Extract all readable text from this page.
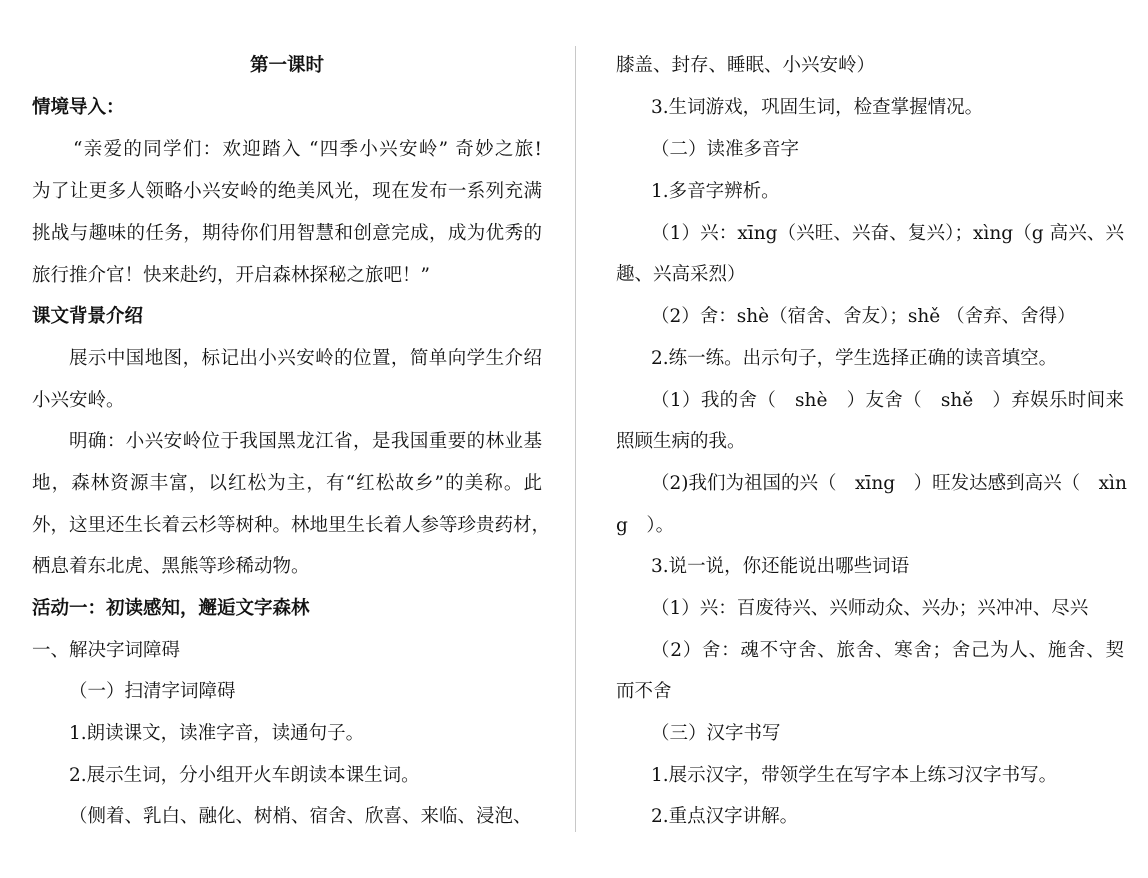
第一课时
情境导入：
“亲爱的同学们：欢迎踏入 “四季小兴安岭” 奇妙之旅!
为了让更多人领略小兴安岭的绝美风光，现在发布一系列充满
挑战与趣味的任务，期待你们用智慧和创意完成，成为优秀的
旅行推介官！快来赴约，开启森林探秘之旅吧！”
课文背景介绍
展示中国地图，标记出小兴安岭的位置，简单向学生介绍
小兴安岭。
明确：小兴安岭位于我国黑龙江省，是我国重要的林业基
地，森林资源丰富，以红松为主，有“红松故乡”的美称。此
外，这里还生长着云杉等树种。林地里生长着人参等珍贵药材，
栖息着东北虎、黑熊等珍稀动物。
活动一：初读感知，邂逅文字森林
一、解决字词障碍
（一）扫清字词障碍
1.朗读课文，读准字音，读通句子。
2.展示生词，分小组开火车朗读本课生词。
（侧着、乳白、融化、树梢、宿舍、欣喜、来临、浸泡、
膝盖、封存、睡眠、小兴安岭）
3.生词游戏，巩固生词，检查掌握情况。
（二）读准多音字
1.多音字辨析。
（1）兴：xīng（兴旺、兴奋、复兴）；xìng（g 高兴、兴
趣、兴高采烈）
（2）舍：shè（宿舍、舍友）；shě （舍弃、舍得）
2.练一练。出示句子，学生选择正确的读音填空。
（1）我的舍（　shè　）友舍（　shě　）弃娱乐时间来
照顾生病的我。
（2)我们为祖国的兴（　xīng　）旺发达感到高兴（　xìn
g　）。
3.说一说，你还能说出哪些词语
（1）兴：百废待兴、兴师动众、兴办；兴冲冲、尽兴
（2）舍：魂不守舍、旅舍、寒舍；舍己为人、施舍、契
而不舍
（三）汉字书写
1.展示汉字，带领学生在写字本上练习汉字书写。
2.重点汉字讲解。
